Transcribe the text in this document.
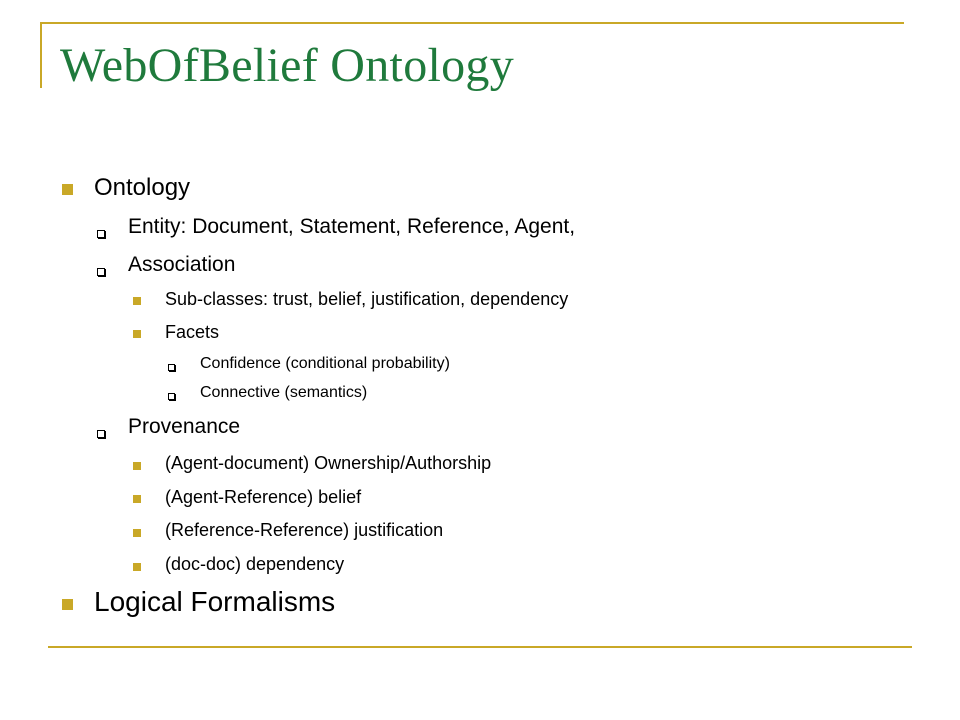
WebOfBelief Ontology
Ontology
Entity: Document, Statement, Reference, Agent,
Association
Sub-classes: trust, belief, justification, dependency
Facets
Confidence (conditional probability)
Connective (semantics)
Provenance
(Agent-document) Ownership/Authorship
(Agent-Reference) belief
(Reference-Reference) justification
(doc-doc) dependency
Logical Formalisms
